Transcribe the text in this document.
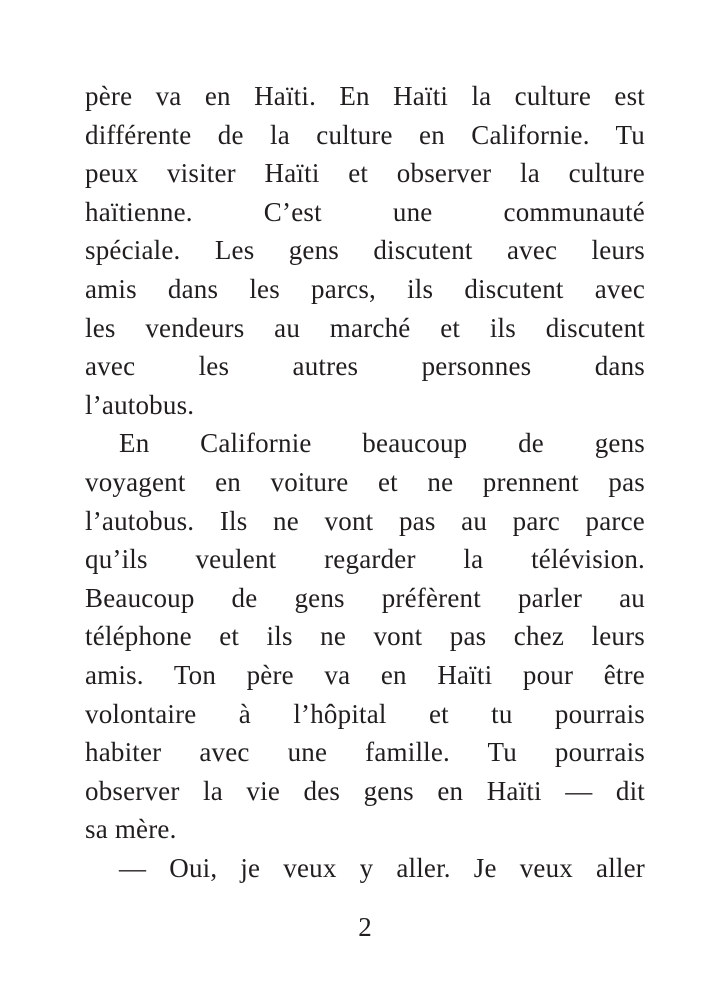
père va en Haïti. En Haïti la culture est
différente de la culture en Californie. Tu
peux visiter Haïti et observer la culture
haïtienne. C’est une communauté
spéciale. Les gens discutent avec leurs
amis dans les parcs, ils discutent avec
les vendeurs au marché et ils discutent
avec les autres personnes dans
l’autobus.
En Californie beaucoup de gens
voyagent en voiture et ne prennent pas
l’autobus. Ils ne vont pas au parc parce
qu’ils veulent regarder la télévision.
Beaucoup de gens préfèrent parler au
téléphone et ils ne vont pas chez leurs
amis. Ton père va en Haïti pour être
volontaire à l’hôpital et tu pourrais
habiter avec une famille. Tu pourrais
observer la vie des gens en Haïti — dit
sa mère.
— Oui, je veux y aller. Je veux aller
2
